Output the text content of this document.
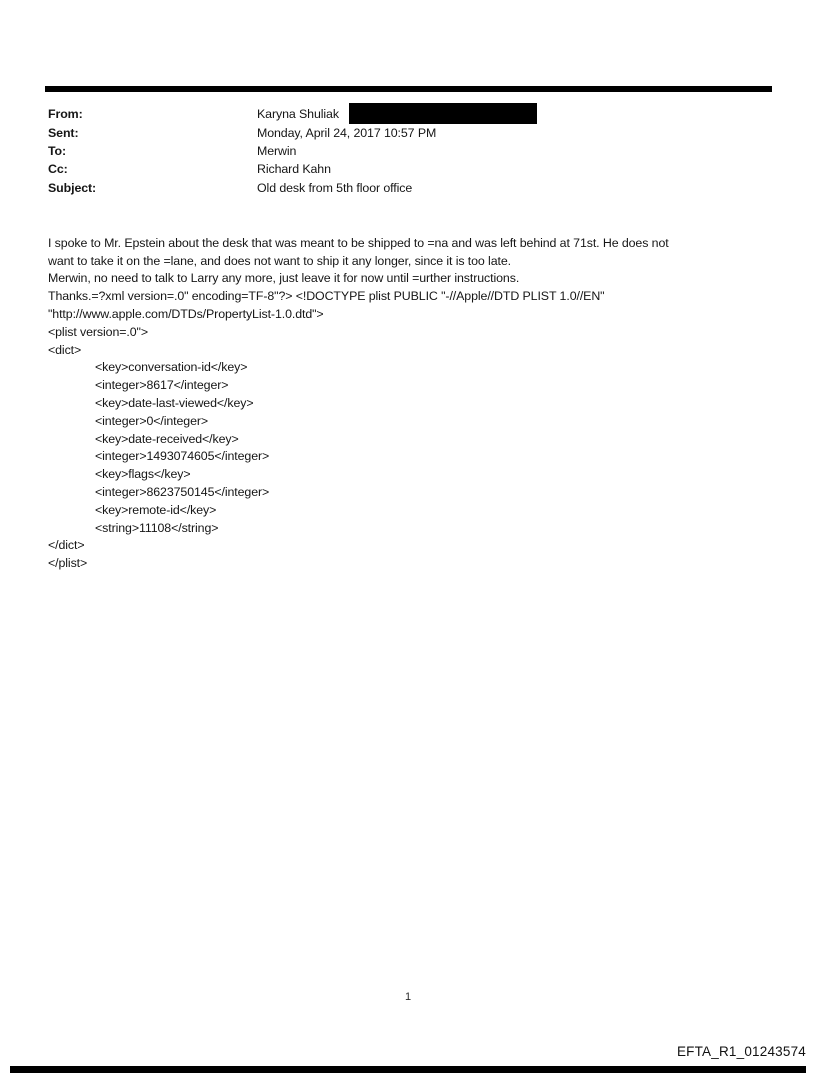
From:	Karyna Shuliak
Sent:	Monday, April 24, 2017 10:57 PM
To:	Merwin
Cc:	Richard Kahn
Subject:	Old desk from 5th floor office
I spoke to Mr. Epstein about the desk that was meant to be shipped to =na and was left behind at 71st. He does not
want to take it on the =lane, and does not want to ship it any longer, since it is too late.
Merwin, no need to talk to Larry any more, just leave it for now until =urther instructions.
Thanks.=?xml version=.0" encoding=TF-8"?> <!DOCTYPE plist PUBLIC "-//Apple//DTD PLIST 1.0//EN"
"http://www.apple.com/DTDs/PropertyList-1.0.dtd">
<plist version=.0">
<dict>
<key>conversation-id</key>
<integer>8617</integer>
<key>date-last-viewed</key>
<integer>0</integer>
<key>date-received</key>
<integer>1493074605</integer>
<key>flags</key>
<integer>8623750145</integer>
<key>remote-id</key>
<string>11108</string>
</dict>
</plist>
1
EFTA_R1_01243574
